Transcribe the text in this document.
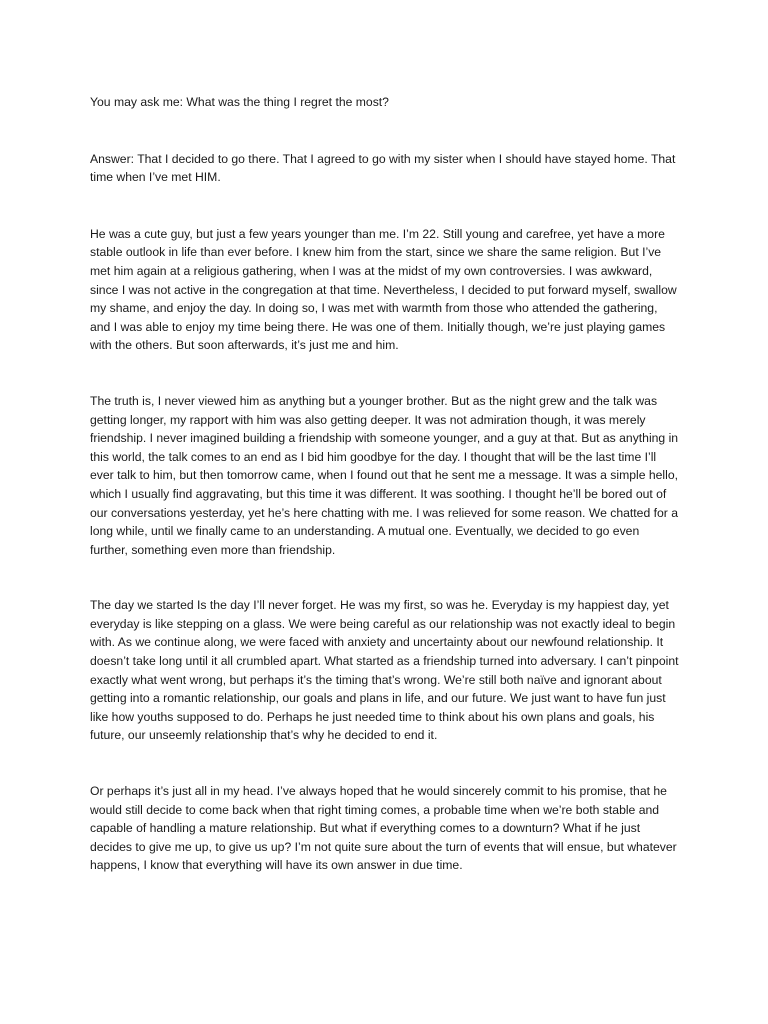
You may ask me: What was the thing I regret the most?

Answer: That I decided to go there. That I agreed to go with my sister when I should have stayed home. That time when I’ve met HIM.

He was a cute guy, but just a few years younger than me. I’m 22. Still young and carefree, yet have a more stable outlook in life than ever before. I knew him from the start, since we share the same religion. But I’ve met him again at a religious gathering, when I was at the midst of my own controversies. I was awkward, since I was not active in the congregation at that time. Nevertheless, I decided to put forward myself, swallow my shame, and enjoy the day. In doing so, I was met with warmth from those who attended the gathering, and I was able to enjoy my time being there. He was one of them. Initially though, we’re just playing games with the others. But soon afterwards, it’s just me and him.

The truth is, I never viewed him as anything but a younger brother. But as the night grew and the talk was getting longer, my rapport with him was also getting deeper. It was not admiration though, it was merely friendship. I never imagined building a friendship with someone younger, and a guy at that. But as anything in this world, the talk comes to an end as I bid him goodbye for the day. I thought that will be the last time I’ll ever talk to him, but then tomorrow came, when I found out that he sent me a message. It was a simple hello, which I usually find aggravating, but this time it was different. It was soothing. I thought he’ll be bored out of our conversations yesterday, yet he’s here chatting with me. I was relieved for some reason. We chatted for a long while, until we finally came to an understanding. A mutual one. Eventually, we decided to go even further, something even more than friendship.

The day we started Is the day I’ll never forget. He was my first, so was he. Everyday is my happiest day, yet everyday is like stepping on a glass. We were being careful as our relationship was not exactly ideal to begin with. As we continue along, we were faced with anxiety and uncertainty about our newfound relationship. It doesn’t take long until it all crumbled apart. What started as a friendship turned into adversary. I can’t pinpoint exactly what went wrong, but perhaps it’s the timing that’s wrong. We’re still both naïve and ignorant about getting into a romantic relationship, our goals and plans in life, and our future. We just want to have fun just like how youths supposed to do. Perhaps he just needed time to think about his own plans and goals, his future, our unseemly relationship that’s why he decided to end it.

Or perhaps it’s just all in my head. I’ve always hoped that he would sincerely commit to his promise, that he would still decide to come back when that right timing comes, a probable time when we’re both stable and capable of handling a mature relationship. But what if everything comes to a downturn? What if he just decides to give me up, to give us up? I’m not quite sure about the turn of events that will ensue, but whatever happens, I know that everything will have its own answer in due time.
